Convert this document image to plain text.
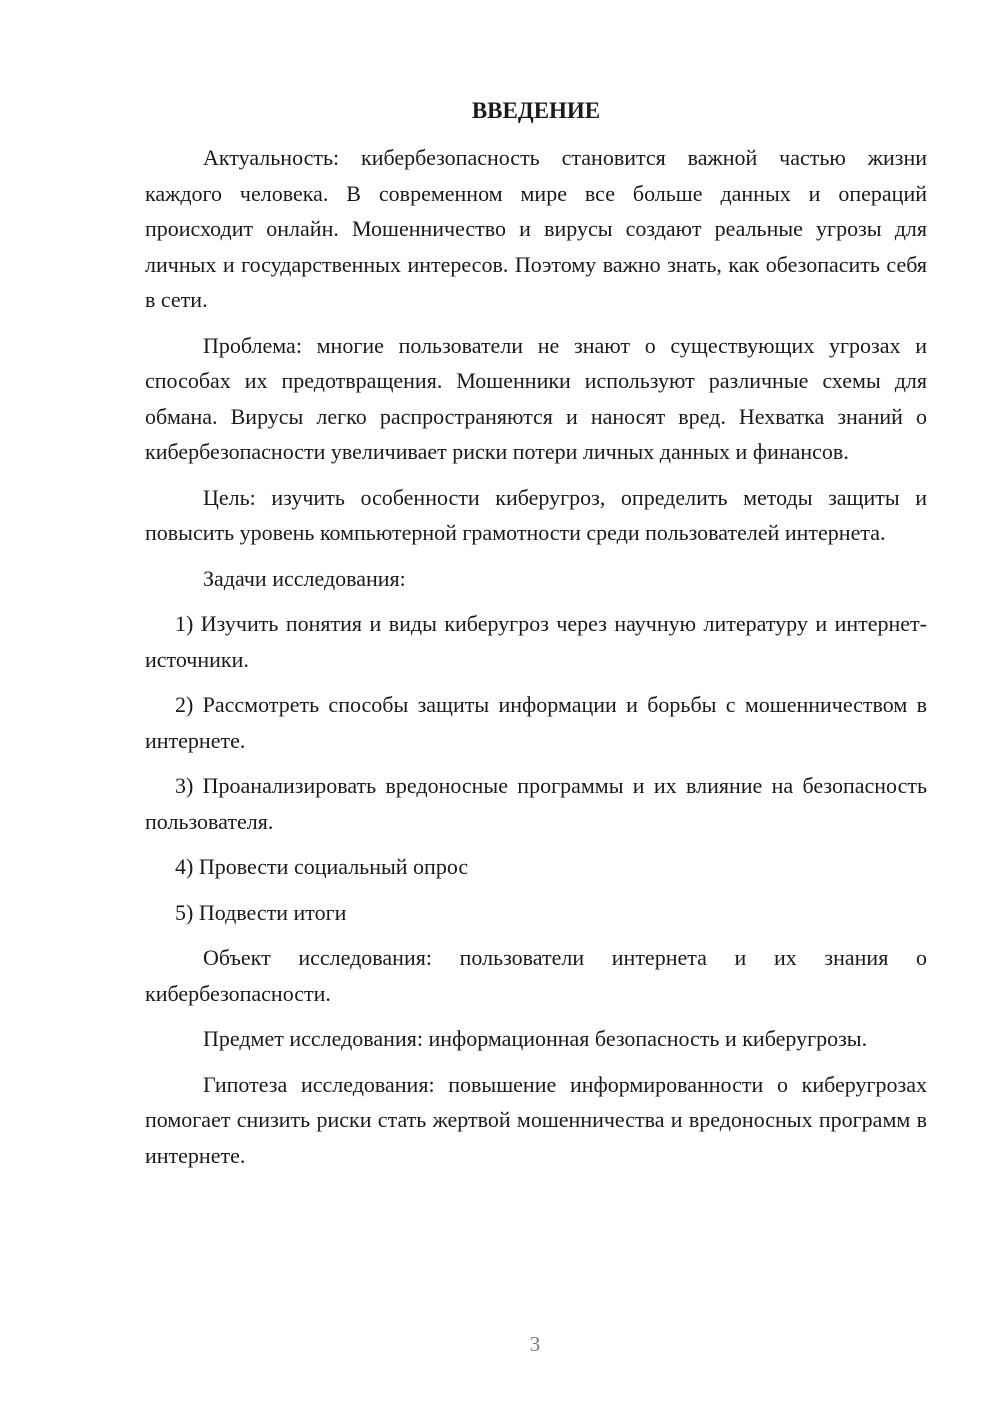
ВВЕДЕНИЕ

Актуальность: кибербезопасность становится важной частью жизни каждого человека. В современном мире все больше данных и операций происходит онлайн. Мошенничество и вирусы создают реальные угрозы для личных и государственных интересов. Поэтому важно знать, как обезопасить себя в сети.

Проблема: многие пользователи не знают о существующих угрозах и способах их предотвращения. Мошенники используют различные схемы для обмана. Вирусы легко распространяются и наносят вред. Нехватка знаний о кибербезопасности увеличивает риски потери личных данных и финансов.

Цель: изучить особенности киберугроз, определить методы защиты и повысить уровень компьютерной грамотности среди пользователей интернета.

Задачи исследования:

1) Изучить понятия и виды киберугроз через научную литературу и интернет-источники.

2) Рассмотреть способы защиты информации и борьбы с мошенничеством в интернете.

3) Проанализировать вредоносные программы и их влияние на безопасность пользователя.

4) Провести социальный опрос

5) Подвести итоги

Объект исследования: пользователи интернета и их знания о кибербезопасности.

Предмет исследования: информационная безопасность и киберугрозы.

Гипотеза исследования: повышение информированности о киберугрозах помогает снизить риски стать жертвой мошенничества и вредоносных программ в интернете.

3
